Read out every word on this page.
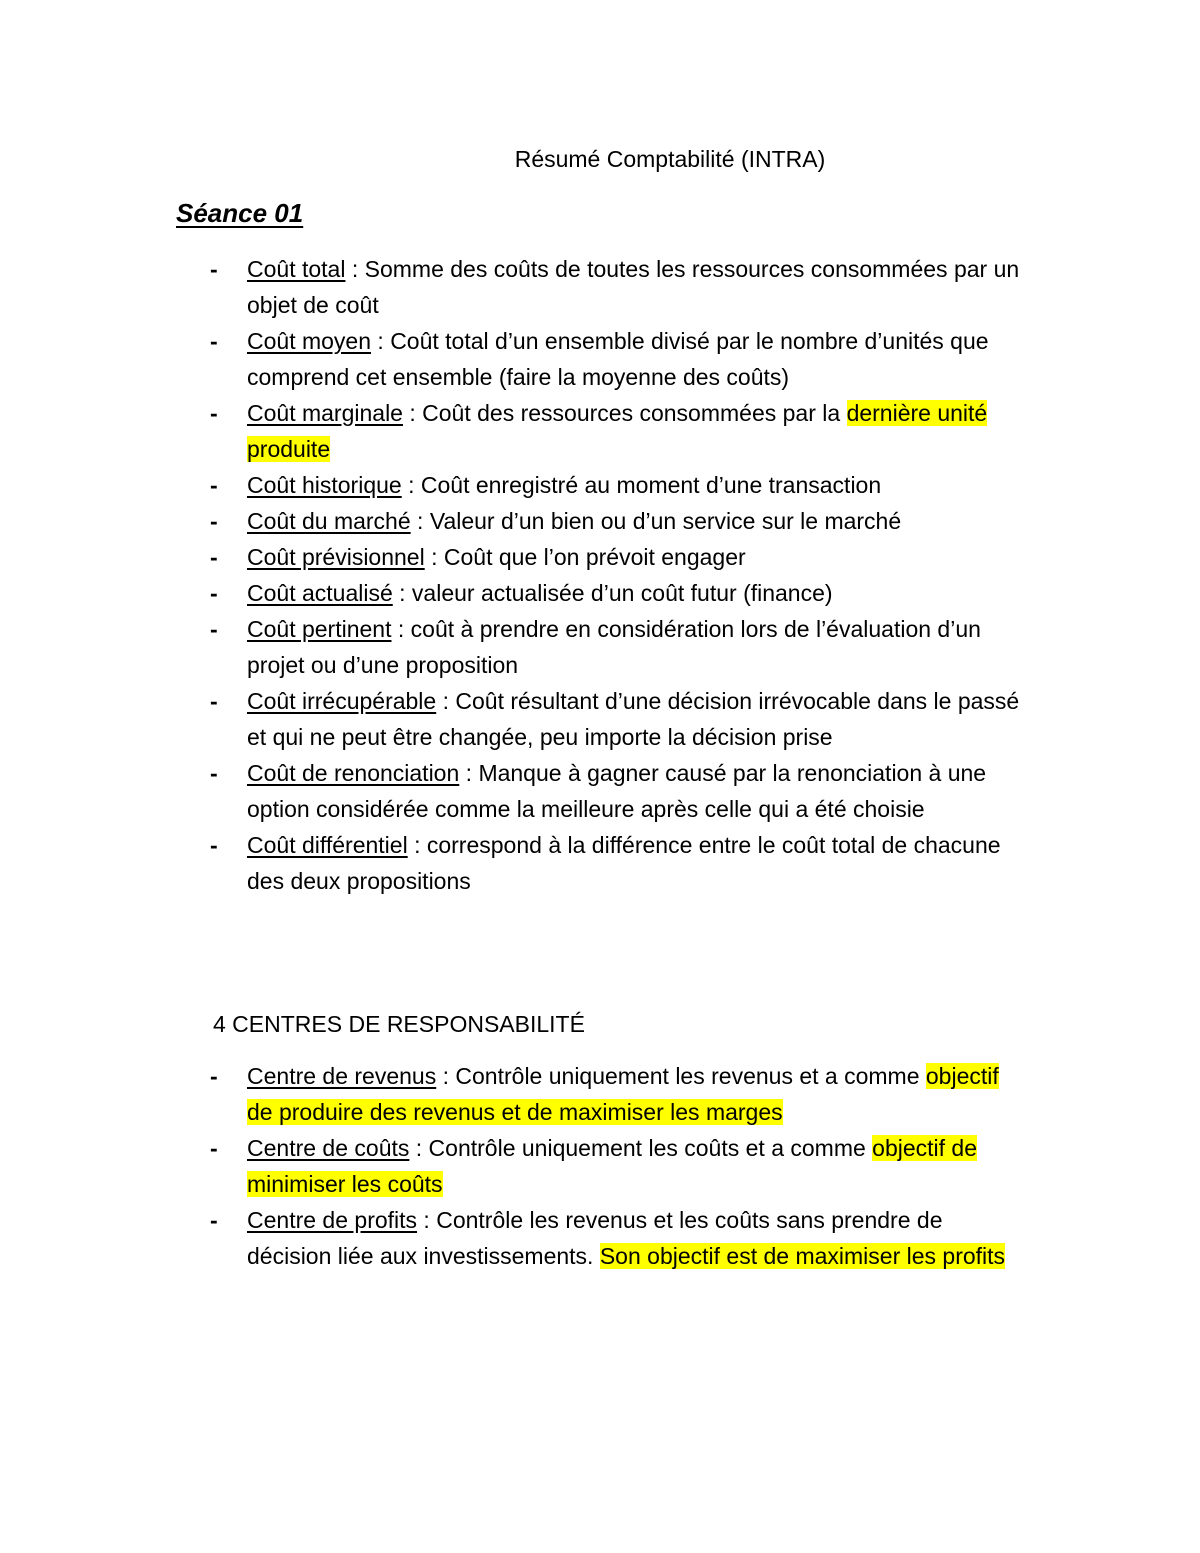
Résumé Comptabilité (INTRA)
Séance 01
- Coût total : Somme des coûts de toutes les ressources consommées par un objet de coût
- Coût moyen : Coût total d’un ensemble divisé par le nombre d’unités que comprend cet ensemble (faire la moyenne des coûts)
- Coût marginale : Coût des ressources consommées par la dernière unité produite
- Coût historique : Coût enregistré au moment d’une transaction
- Coût du marché : Valeur d’un bien ou d’un service sur le marché
- Coût prévisionnel : Coût que l’on prévoit engager
- Coût actualisé : valeur actualisée d’un coût futur (finance)
- Coût pertinent : coût à prendre en considération lors de l’évaluation d’un projet ou d’une proposition
- Coût irrécupérable : Coût résultant d’une décision irrévocable dans le passé et qui ne peut être changée, peu importe la décision prise
- Coût de renonciation : Manque à gagner causé par la renonciation à une option considérée comme la meilleure après celle qui a été choisie
- Coût différentiel : correspond à la différence entre le coût total de chacune des deux propositions
4 CENTRES DE RESPONSABILITÉ
- Centre de revenus : Contrôle uniquement les revenus et a comme objectif de produire des revenus et de maximiser les marges
- Centre de coûts : Contrôle uniquement les coûts et a comme objectif de minimiser les coûts
- Centre de profits : Contrôle les revenus et les coûts sans prendre de décision liée aux investissements. Son objectif est de maximiser les profits
